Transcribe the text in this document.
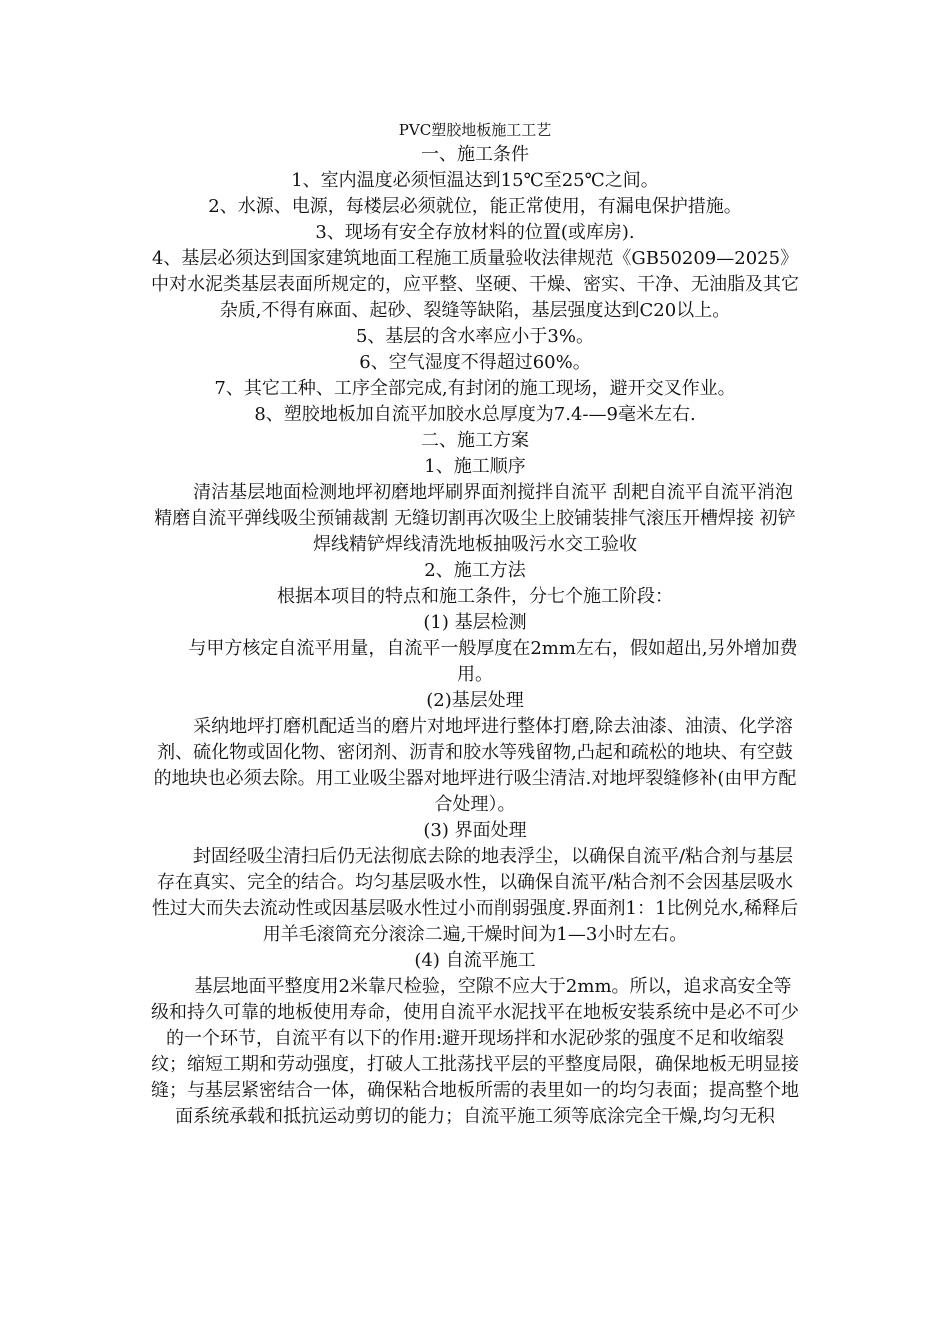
PVC塑胶地板施工工艺
一、施工条件
1、室内温度必须恒温达到15℃至25℃之间。
2、水源、电源，每楼层必须就位，能正常使用，有漏电保护措施。
3、现场有安全存放材料的位置(或库房).
4、基层必须达到国家建筑地面工程施工质量验收法律规范《GB50209—2025》中对水泥类基层表面所规定的，应平整、坚硬、干燥、密实、干净、无油脂及其它杂质,不得有麻面、起砂、裂缝等缺陷，基层强度达到C20以上。
5、基层的含水率应小于3%。
6、空气湿度不得超过60%。
7、其它工种、工序全部完成,有封闭的施工现场，避开交叉作业。
8、塑胶地板加自流平加胶水总厚度为7.4-—9毫米左右.
二、施工方案
1、施工顺序
清洁基层地面检测地坪初磨地坪刷界面剂搅拌自流平 刮耙自流平自流平消泡精磨自流平弹线吸尘预铺裁割 无缝切割再次吸尘上胶铺装排气滚压开槽焊接 初铲焊线精铲焊线清洗地板抽吸污水交工验收
2、施工方法
根据本项目的特点和施工条件，分七个施工阶段：
(1) 基层检测
与甲方核定自流平用量，自流平一般厚度在2mm左右，假如超出,另外增加费用。
(2)基层处理
采纳地坪打磨机配适当的磨片对地坪进行整体打磨,除去油漆、油渍、化学溶剂、硫化物或固化物、密闭剂、沥青和胶水等残留物,凸起和疏松的地块、有空鼓的地块也必须去除。用工业吸尘器对地坪进行吸尘清洁.对地坪裂缝修补(由甲方配合处理）。
(3) 界面处理
封固经吸尘清扫后仍无法彻底去除的地表浮尘，以确保自流平/粘合剂与基层存在真实、完全的结合。均匀基层吸水性，以确保自流平/粘合剂不会因基层吸水性过大而失去流动性或因基层吸水性过小而削弱强度.界面剂1：1比例兑水,稀释后用羊毛滚筒充分滚涂二遍,干燥时间为1—3小时左右。
(4) 自流平施工
基层地面平整度用2米靠尺检验，空隙不应大于2mm。所以，追求高安全等级和持久可靠的地板使用寿命，使用自流平水泥找平在地板安装系统中是必不可少的一个环节，自流平有以下的作用:避开现场拌和水泥砂浆的强度不足和收缩裂纹；缩短工期和劳动强度，打破人工批荡找平层的平整度局限，确保地板无明显接缝；与基层紧密结合一体，确保粘合地板所需的表里如一的均匀表面；提高整个地面系统承载和抵抗运动剪切的能力；自流平施工须等底涂完全干燥,均匀无积
